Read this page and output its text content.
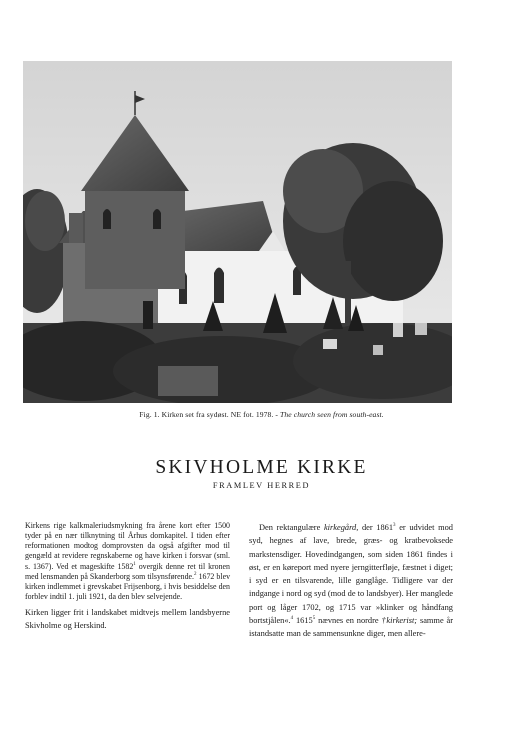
Fig. 1. Kirken set fra sydøst. NE fot. 1978. - The church seen from south-east.
SKIVHOLME KIRKE
FRAMLEV HERRED

Kirkens rige kalkmaleriudsmykning fra årene kort efter 1500 tyder på en nær tilknytning til Århus domkapitel. I tiden efter reformationen modtog domprovsten da også afgifter mod til gengæld at revidere regnskaberne og have kirken i forsvar (sml. s. 1367). Ved et mageskifte 1582$^1$ overgik denne ret til kronen med lensmanden på Skanderborg som tilsynsførende.$^2$ 1672 blev kirken indlemmet i grevskabet Frijsenborg, i hvis besiddelse den forblev indtil 1. juli 1921, da den blev selvejende.

Kirken ligger frit i landskabet midtvejs mellem landsbyerne Skivholme og Herskind.

Den rektangulære kirkegård, der 1861$^3$ er udvidet mod syd, hegnes af lave, brede, græs- og kratbevoksede markstensdiger. Hovedindgangen, som siden 1861 findes i øst, er en køreport med nyere jerngitterfløje, fæstnet i diget; i syd er en tilsvarende, lille ganglåge. Tidligere var der indgange i nord og syd (mod de to landsbyer). Her manglede port og låger 1702, og 1715 var »klinker og håndfang bortstjålen«.$^4$ 1615$^5$ nævnes en nordre †kirkerist; samme år istandsatte man de sammensunkne diger, men allere-
